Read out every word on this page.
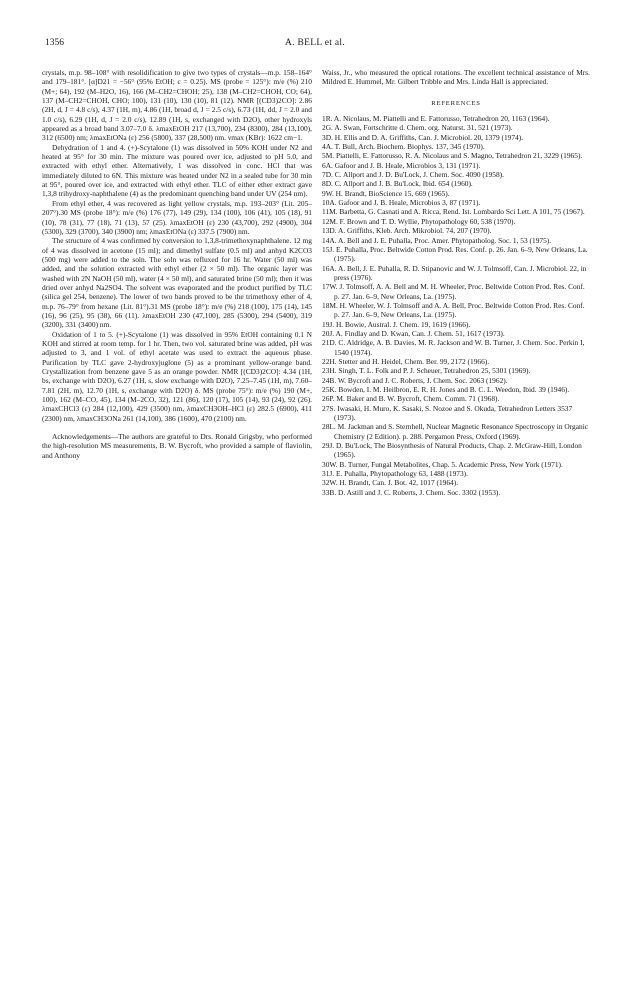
1356	A. BELL et al.

crystals, m.p. 98–108° with resolidification to give two types of crystals—m.p. 158–164° and 179–181°. [α]D21 = −56° (95% EtOH; c = 0.25). MS (probe = 125°): m/e (%) 210 (M+; 64), 192 (M–H2O, 16), 166 (M–CH2=CHOH; 25), 138 (M–CH2=CHOH, CO; 64), 137 (M–CH2=CHOH, CHO; 100), 131 (10), 130 (10), 81 (12). NMR [(CD3)2CO]: 2.86 (2H, d, J = 4.8 c/s), 4.37 (1H, m), 4.86 (1H, broad d, J = 2.5 c/s), 6.73 (1H, dd, J = 2.0 and 1.0 c/s), 6.29 (1H, d, J = 2.0 c/s), 12.89 (1H, s, exchanged with D2O), other hydroxyls appeared as a broad band 3.07–7.0 δ. λmaxEtOH 217 (13,700), 234 (8300), 284 (13,100), 312 (6500) nm; λmaxEtONa (ε) 256 (5800), 337 (28,500) nm. νmax (KBr): 1622 cm−1.

Dehydration of 1 and 4. (+)-Scytalone (1) was dissolved in 50% KOH under N2 and heated at 95° for 30 min. The mixture was poured over ice, adjusted to pH 5.0, and extracted with ethyl ether. Alternatively, 1 was dissolved in conc. HCl that was immediately diluted to 6N. This mixture was heated under N2 in a sealed tube for 30 min at 95°, poured over ice, and extracted with ethyl ether. TLC of either ether extract gave 1,3,8 trihydroxy-naphthalene (4) as the predominant quenching band under UV (254 nm).

From ethyl ether, 4 was recovered as light yellow crystals, m.p. 193–203° (Lit. 205–207°).30 MS (probe 18°): m/e (%) 176 (77), 149 (29), 134 (100), 106 (41), 105 (18), 91 (10), 78 (31), 77 (18), 71 (13), 57 (25). λmaxEtOH (ε) 230 (43,700), 292 (4900), 304 (5300), 329 (3700), 340 (3900) nm; λmaxEtONa (ε) 337.5 (7900) nm.

The structure of 4 was confirmed by conversion to 1,3,8-trimethoxynaphthalene. 12 mg of 4 was dissolved in acetone (15 ml); and dimethyl sulfate (0.5 ml) and anhyd K2CO3 (500 mg) were added to the soln. The soln was refluxed for 16 hr. Water (50 ml) was added, and the solution extracted with ethyl ether (2 × 50 ml). The organic layer was washed with 2N NaOH (50 ml), water (4 × 50 ml), and saturated brine (50 ml); then it was dried over anhyd Na2SO4. The solvent was evaporated and the product purified by TLC (silica gel 254, benzene). The lower of two bands proved to be the trimethoxy ether of 4, m.p. 76–79° from hexane (Lit. 81°).31 MS (probe 18°): m/e (%) 218 (100), 175 (14), 145 (16), 96 (25), 95 (38), 66 (11). λmaxEtOH 230 (47,100), 285 (5300), 294 (5400), 319 (3200), 331 (3400) nm.

Oxidation of 1 to 5. (+)-Scytalone (1) was dissolved in 95% EtOH containing 0.1 N KOH and stirred at room temp. for 1 hr. Then, two vol. saturated brine was added, pH was adjusted to 3, and 1 vol. of ethyl acetate was used to extract the aqueous phase. Purification by TLC gave 2-hydroxyjuglone (5) as a prominant yellow-orange band. Crystallization from benzene gave 5 as an orange powder. NMR [(CD3)2CO]: 4.34 (1H, bs, exchange with D2O), 6.27 (1H, s, slow exchange with D2O), 7.25–7.45 (1H, m), 7.60–7.81 (2H, m), 12.70 (1H, s, exchange with D2O) δ. MS (probe 75°): m/e (%) 190 (M+, 100), 162 (M–CO, 45), 134 (M–2CO, 32), 121 (86), 120 (17), 105 (14), 93 (24), 92 (26). λmaxCHCl3 (ε) 284 (12,100), 429 (3500) nm, λmaxCH3OH–HCl (ε) 282.5 (6900), 411 (2300) nm, λmaxCH3ONa 261 (14,100), 386 (1600), 470 (2100) nm.

Acknowledgements—The authors are grateful to Drs. Ronald Grigsby, who performed the high-resolution MS measurements, B. W. Bycroft, who provided a sample of flaviolin, and Anthony

Waiss, Jr., who measured the optical rotations. The excellent technical assistance of Mrs. Mildred E. Hummel, Mr. Gilbert Tribble and Mrs. Linda Hall is appreciated.

REFERENCES
1R. A. Nicolaus, M. Piattelli and E. Fattorusso, Tetrahedron 20, 1163 (1964).
2G. A. Swan, Fortschritte d. Chem. org. Naturst. 31, 521 (1973).
3D. H. Ellis and D. A. Griffiths, Can. J. Microbiol. 20, 1379 (1974).
4A. T. Bull, Arch. Biochem. Biophys. 137, 345 (1970).
5M. Piattelli, E. Fattorusso, R. A. Nicolaus and S. Magno, Tetrahedron 21, 3229 (1965).
6A. Gafoor and J. B. Heale, Microbios 3, 131 (1971).
7D. C. Allport and J. D. Bu'Lock, J. Chem. Soc. 4090 (1958).
8D. C. Allport and J. B. Bu'Lock, Ibid. 654 (1960).
9W. H. Brandt, BioScience 15, 669 (1965).
10A. Gafoor and J. B. Heale, Microbios 3, 87 (1971).
11M. Barbetta, G. Casnati and A. Ricca, Rend. Ist. Lombardo Sci Lett. A 101, 75 (1967).
12M. F. Brown and T. D. Wyllie, Phytopathology 60, 538 (1970).
13D. A. Griffiths, Kleb. Arch. Mikrobiol. 74, 207 (1970).
14A. A. Bell and J. E. Puhalla, Proc. Amer. Phytopatholog. Soc. 1, 53 (1975).
15J. E. Puhalla, Proc. Beltwide Cotton Prod. Res. Conf. p. 26. Jan. 6–9, New Orleans, La. (1975).
16A. A. Bell, J. E. Puhalla, R. D. Stipanovic and W. J. Tolmsoff, Can. J. Microbiol. 22, in press (1976).
17W. J. Tolmsoff, A. A. Bell and M. H. Wheeler, Proc. Beltwide Cotton Prod. Res. Conf. p. 27. Jan. 6–9, New Orleans, La. (1975).
18M. H. Wheeler, W. J. Tolmsoff and A. A. Bell, Proc. Beltwide Cotton Prod. Res. Conf. p. 27. Jan. 6–9, New Orleans, La. (1975).
19J. H. Bowie, Austral. J. Chem. 19, 1619 (1966).
20J. A. Findlay and D. Kwan, Can. J. Chem. 51, 1617 (1973).
21D. C. Aldridge, A. B. Davies, M. R. Jackson and W. B. Turner, J. Chem. Soc. Perkin I, 1540 (1974).
22H. Stetter and H. Heidel, Chem. Ber. 99, 2172 (1966).
23H. Singh, T. L. Folk and P. J. Scheuer, Tetrahedron 25, 5301 (1969).
24B. W. Bycroft and J. C. Roberts, J. Chem. Soc. 2063 (1962).
25K. Bowden, I. M. Heilbron, E. R. H. Jones and B. C. L. Weedon, Ibid. 39 (1946).
26P. M. Baker and B. W. Bycroft, Chem. Comm. 71 (1968).
27S. Iwasaki, H. Muro, K. Sasaki, S. Nozoe and S. Okuda, Tetrahedron Letters 3537 (1973).
28L. M. Jackman and S. Sternhell, Nuclear Magnetic Resonance Spectroscopy in Organic Chemistry (2 Edition). p. 288. Pergamon Press, Oxford (1969).
29J. D. Bu'Lock, The Biosynthesis of Natural Products, Chap. 2. McGraw-Hill, London (1965).
30W. B. Turner, Fungal Metabolites, Chap. 5. Academic Press, New York (1971).
31J. E. Puhalla, Phytopathology 63, 1488 (1973).
32W. H. Brandt, Can. J. Bot. 42, 1017 (1964).
33B. D. Astill and J. C. Roberts, J. Chem. Soc. 3302 (1953).
